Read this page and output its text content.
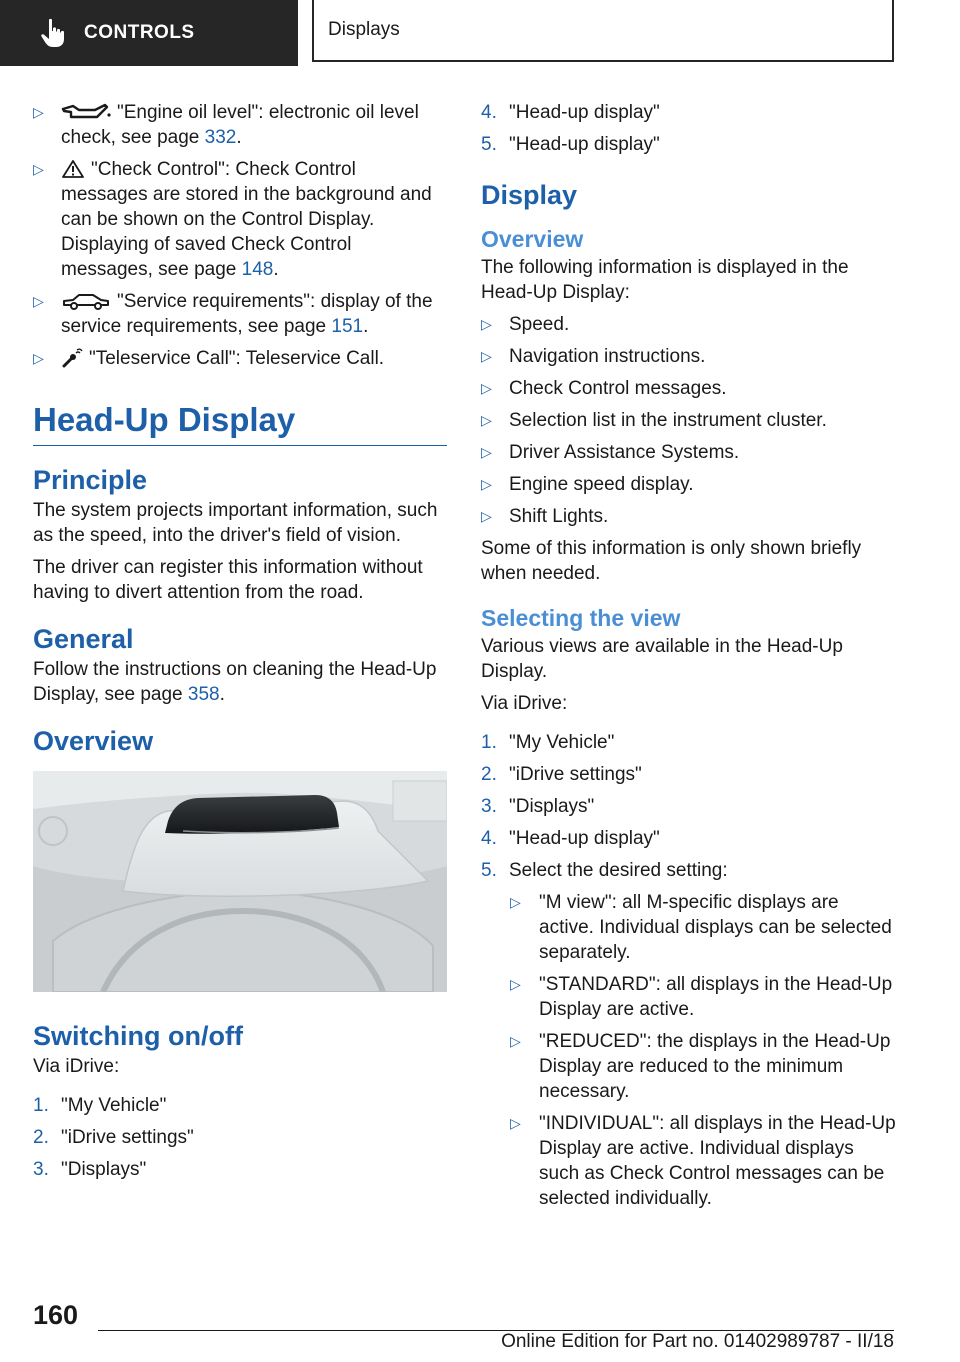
CONTROLS	Displays
▷	"Engine oil level": electronic oil level check, see page 332.
▷	"Check Control": Check Control messages are stored in the background and can be shown on the Control Display. Displaying of saved Check Control messages, see page 148.
▷	"Service requirements": display of the service requirements, see page 151.
▷	"Teleservice Call": Teleservice Call.
Head-Up Display
Principle

The system projects important information, such as the speed, into the driver's field of vision.

The driver can register this information without having to divert attention from the road.

General

Follow the instructions on cleaning the Head-Up Display, see page 358.

Overview
Switching on/off

Via iDrive:

1. "My Vehicle"
2. "iDrive settings"
3. "Displays"
4. "Head-up display"
5. "Head-up display"
Display
Overview

The following information is displayed in the Head-Up Display:

▷ Speed.
▷ Navigation instructions.
▷ Check Control messages.
▷ Selection list in the instrument cluster.
▷ Driver Assistance Systems.
▷ Engine speed display.
▷ Shift Lights.

Some of this information is only shown briefly when needed.

Selecting the view

Various views are available in the Head-Up Display.

Via iDrive:

1. "My Vehicle"
2. "iDrive settings"
3. "Displays"
4. "Head-up display"
5. Select the desired setting:
▷ "M view": all M-specific displays are active. Individual displays can be selected separately.
▷ "STANDARD": all displays in the Head-Up Display are active.
▷ "REDUCED": the displays in the Head-Up Display are reduced to the minimum necessary.
▷ "INDIVIDUAL": all displays in the Head-Up Display are active. Individual displays such as Check Control messages can be selected individually.
160
Online Edition for Part no. 01402989787 - II/18
